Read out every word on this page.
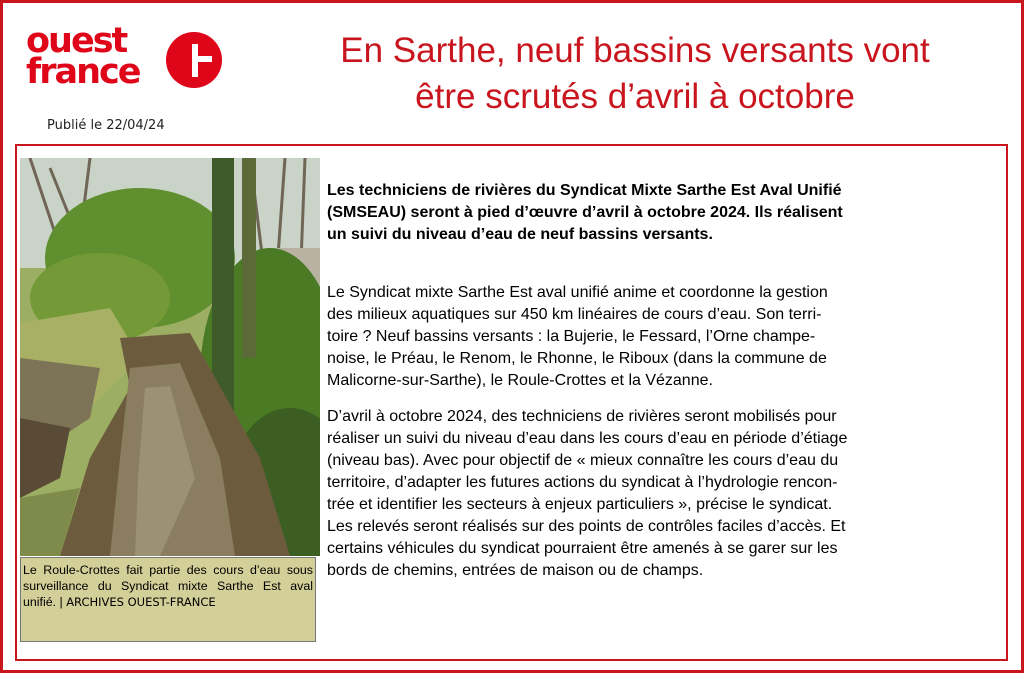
ouest
france
Publié le 22/04/24
En Sarthe, neuf bassins versants vont
être scrutés d’avril à octobre
Le Roule-Crottes fait partie des cours d’eau sous surveillance du Syndicat mixte Sarthe Est aval unifié. | ARCHIVES OUEST-FRANCE
Les techniciens de rivières du Syndicat Mixte Sarthe Est Aval Unifié
(SMSEAU) seront à pied d’œuvre d’avril à octobre 2024. Ils réalisent
un suivi du niveau d’eau de neuf bassins versants.
Le Syndicat mixte Sarthe Est aval unifié anime et coordonne la gestion
des milieux aquatiques sur 450 km linéaires de cours d’eau. Son terri-
toire ? Neuf bassins versants : la Bujerie, le Fessard, l’Orne champe-
noise, le Préau, le Renom, le Rhonne, le Riboux (dans la commune de
Malicorne-sur-Sarthe), le Roule-Crottes et la Vézanne.
D’avril à octobre 2024, des techniciens de rivières seront mobilisés pour
réaliser un suivi du niveau d’eau dans les cours d’eau en période d’étiage
(niveau bas). Avec pour objectif de « mieux connaître les cours d’eau du
territoire, d’adapter les futures actions du syndicat à l’hydrologie rencon-
trée et identifier les secteurs à enjeux particuliers », précise le syndicat.
Les relevés seront réalisés sur des points de contrôles faciles d’accès. Et
certains véhicules du syndicat pourraient être amenés à se garer sur les
bords de chemins, entrées de maison ou de champs.
